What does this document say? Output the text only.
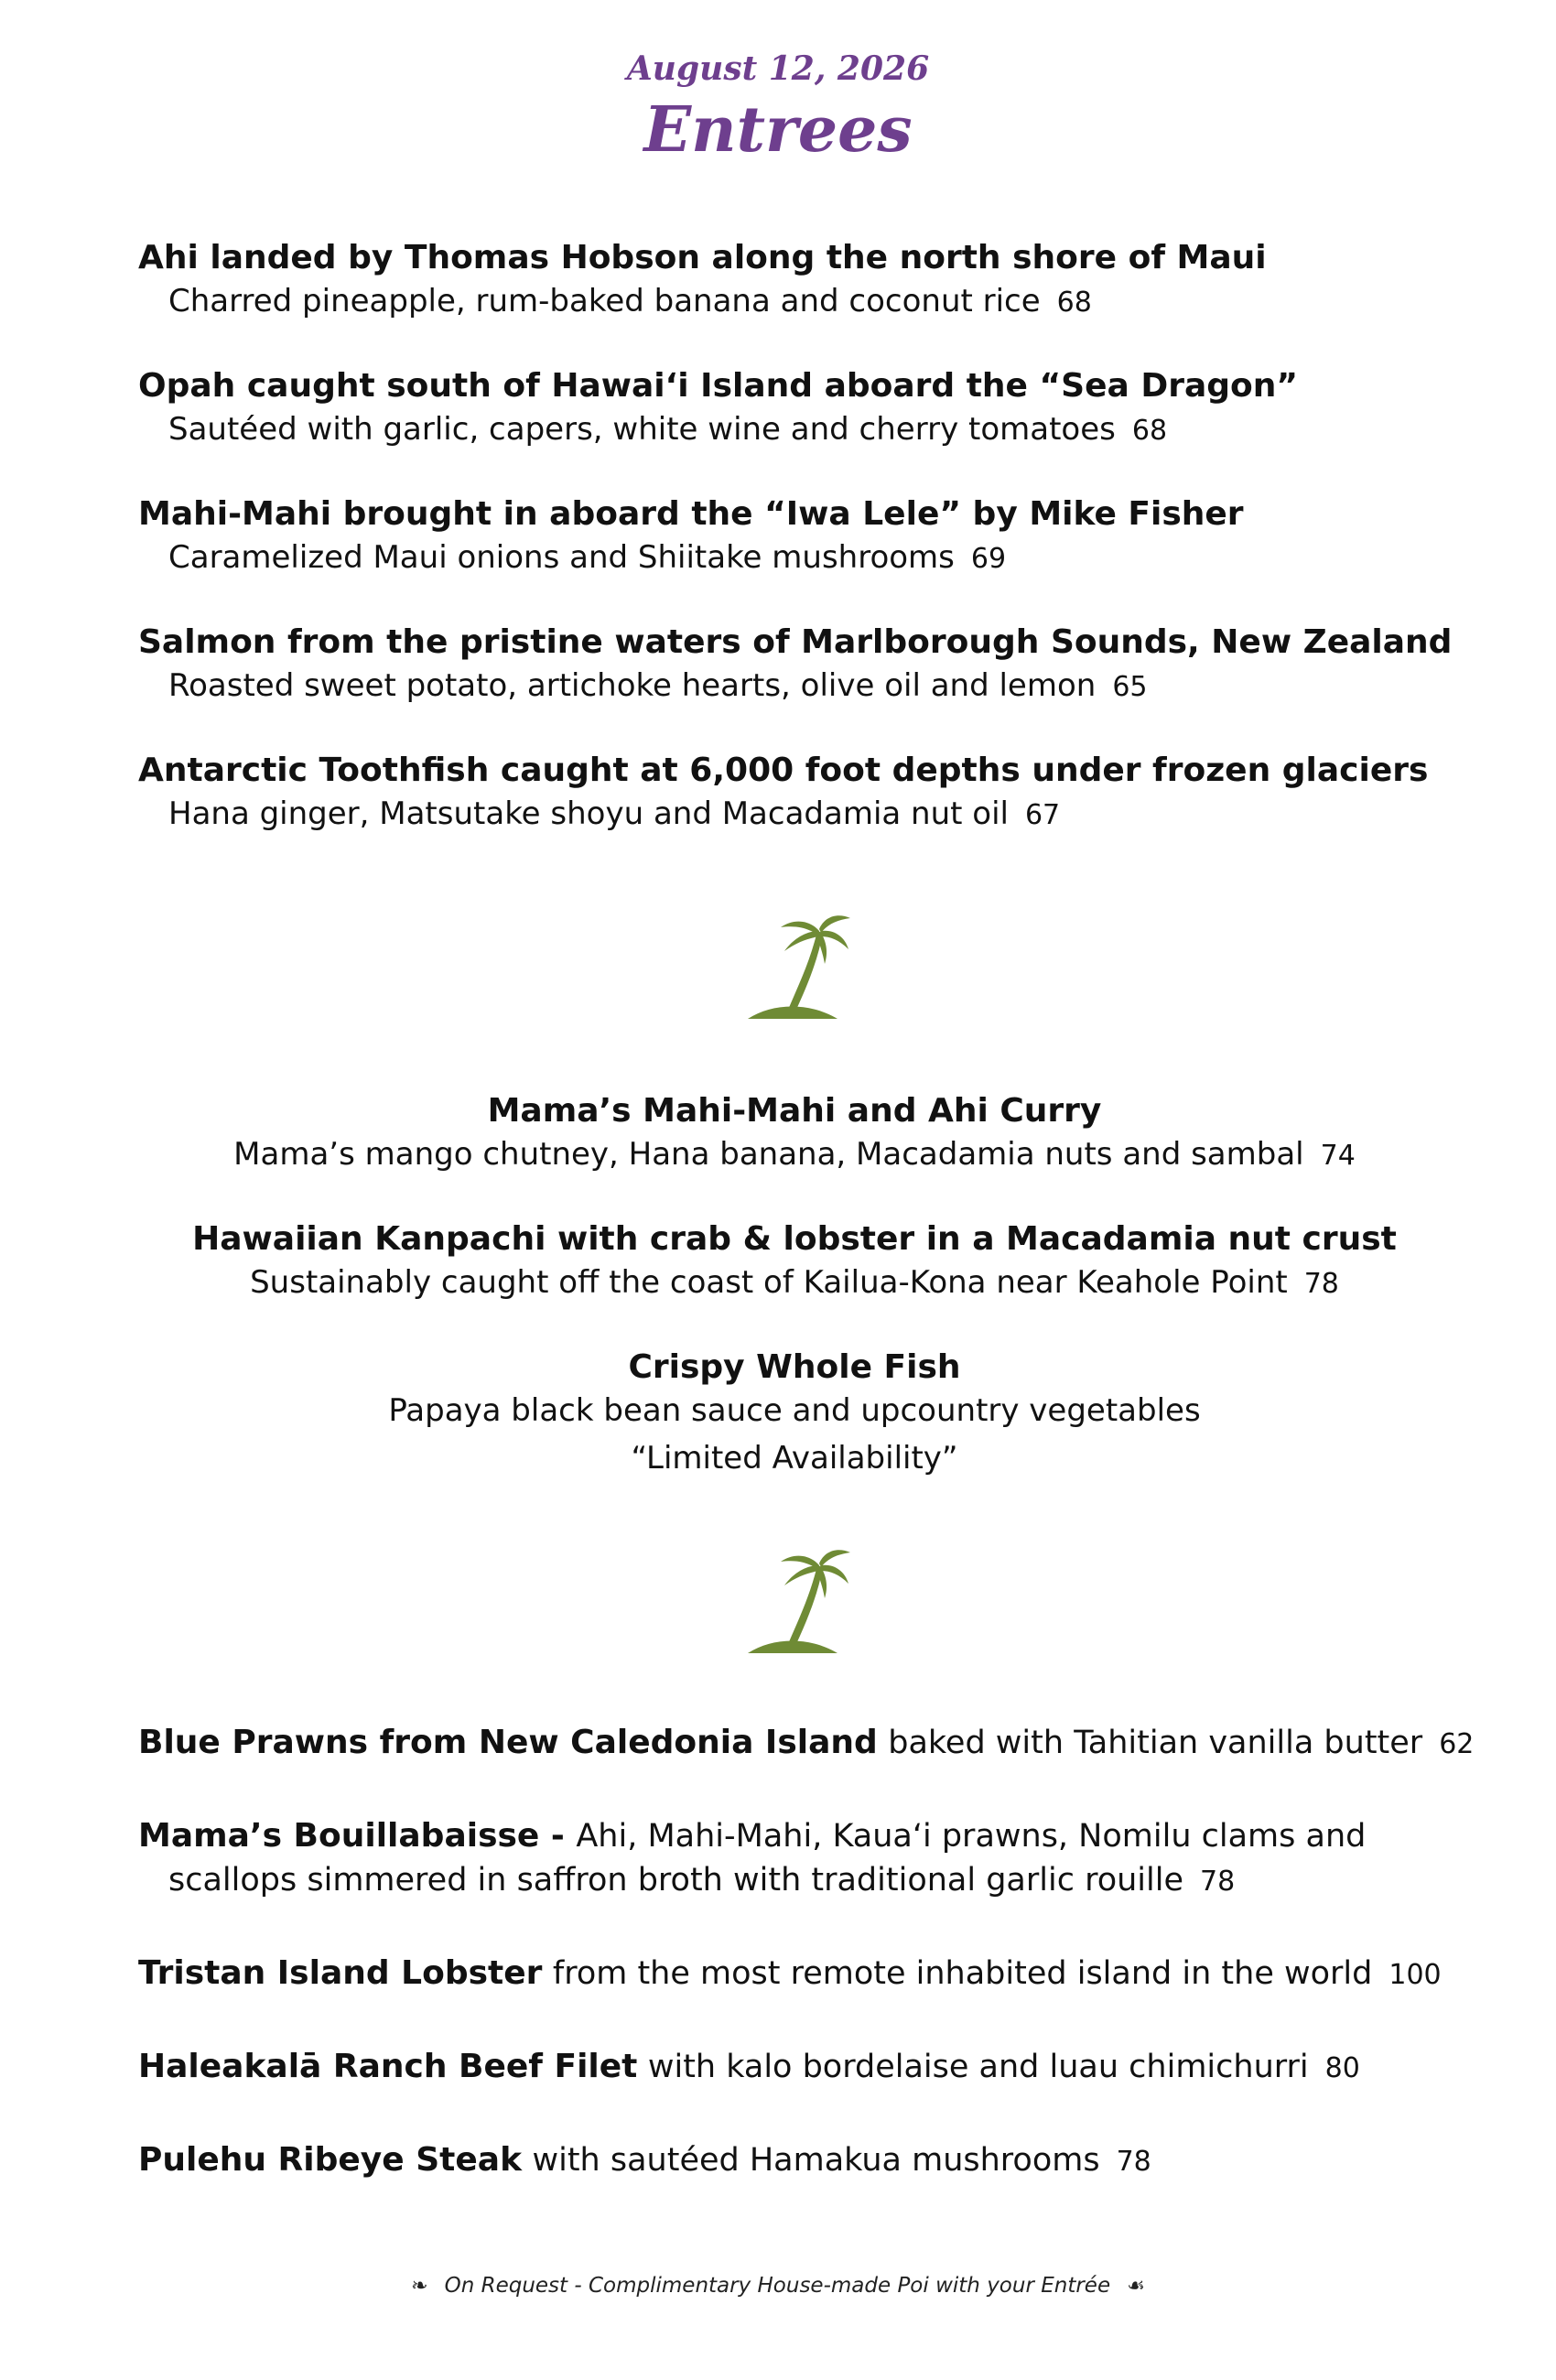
August 12, 2026
Entrees
Ahi landed by Thomas Hobson along the north shore of Maui
Charred pineapple, rum-baked banana and coconut rice 68
Opah caught south of Hawai‘i Island aboard the “Sea Dragon”
Sautéed with garlic, capers, white wine and cherry tomatoes 68
Mahi-Mahi brought in aboard the “Iwa Lele” by Mike Fisher
Caramelized Maui onions and Shiitake mushrooms 69
Salmon from the pristine waters of Marlborough Sounds, New Zealand
Roasted sweet potato, artichoke hearts, olive oil and lemon 65
Antarctic Toothfish caught at 6,000 foot depths under frozen glaciers
Hana ginger, Matsutake shoyu and Macadamia nut oil 67
Mama’s Mahi-Mahi and Ahi Curry
Mama’s mango chutney, Hana banana, Macadamia nuts and sambal 74
Hawaiian Kanpachi with crab & lobster in a Macadamia nut crust
Sustainably caught off the coast of Kailua-Kona near Keahole Point 78
Crispy Whole Fish
Papaya black bean sauce and upcountry vegetables
“Limited Availability”
Blue Prawns from New Caledonia Island baked with Tahitian vanilla butter 62
Mama’s Bouillabaisse - Ahi, Mahi-Mahi, Kaua‘i prawns, Nomilu clams and
scallops simmered in saffron broth with traditional garlic rouille 78
Tristan Island Lobster from the most remote inhabited island in the world 100
Haleakalā Ranch Beef Filet with kalo bordelaise and luau chimichurri 80
Pulehu Ribeye Steak with sautéed Hamakua mushrooms 78
❧ On Request - Complimentary House-made Poi with your Entrée ☙
